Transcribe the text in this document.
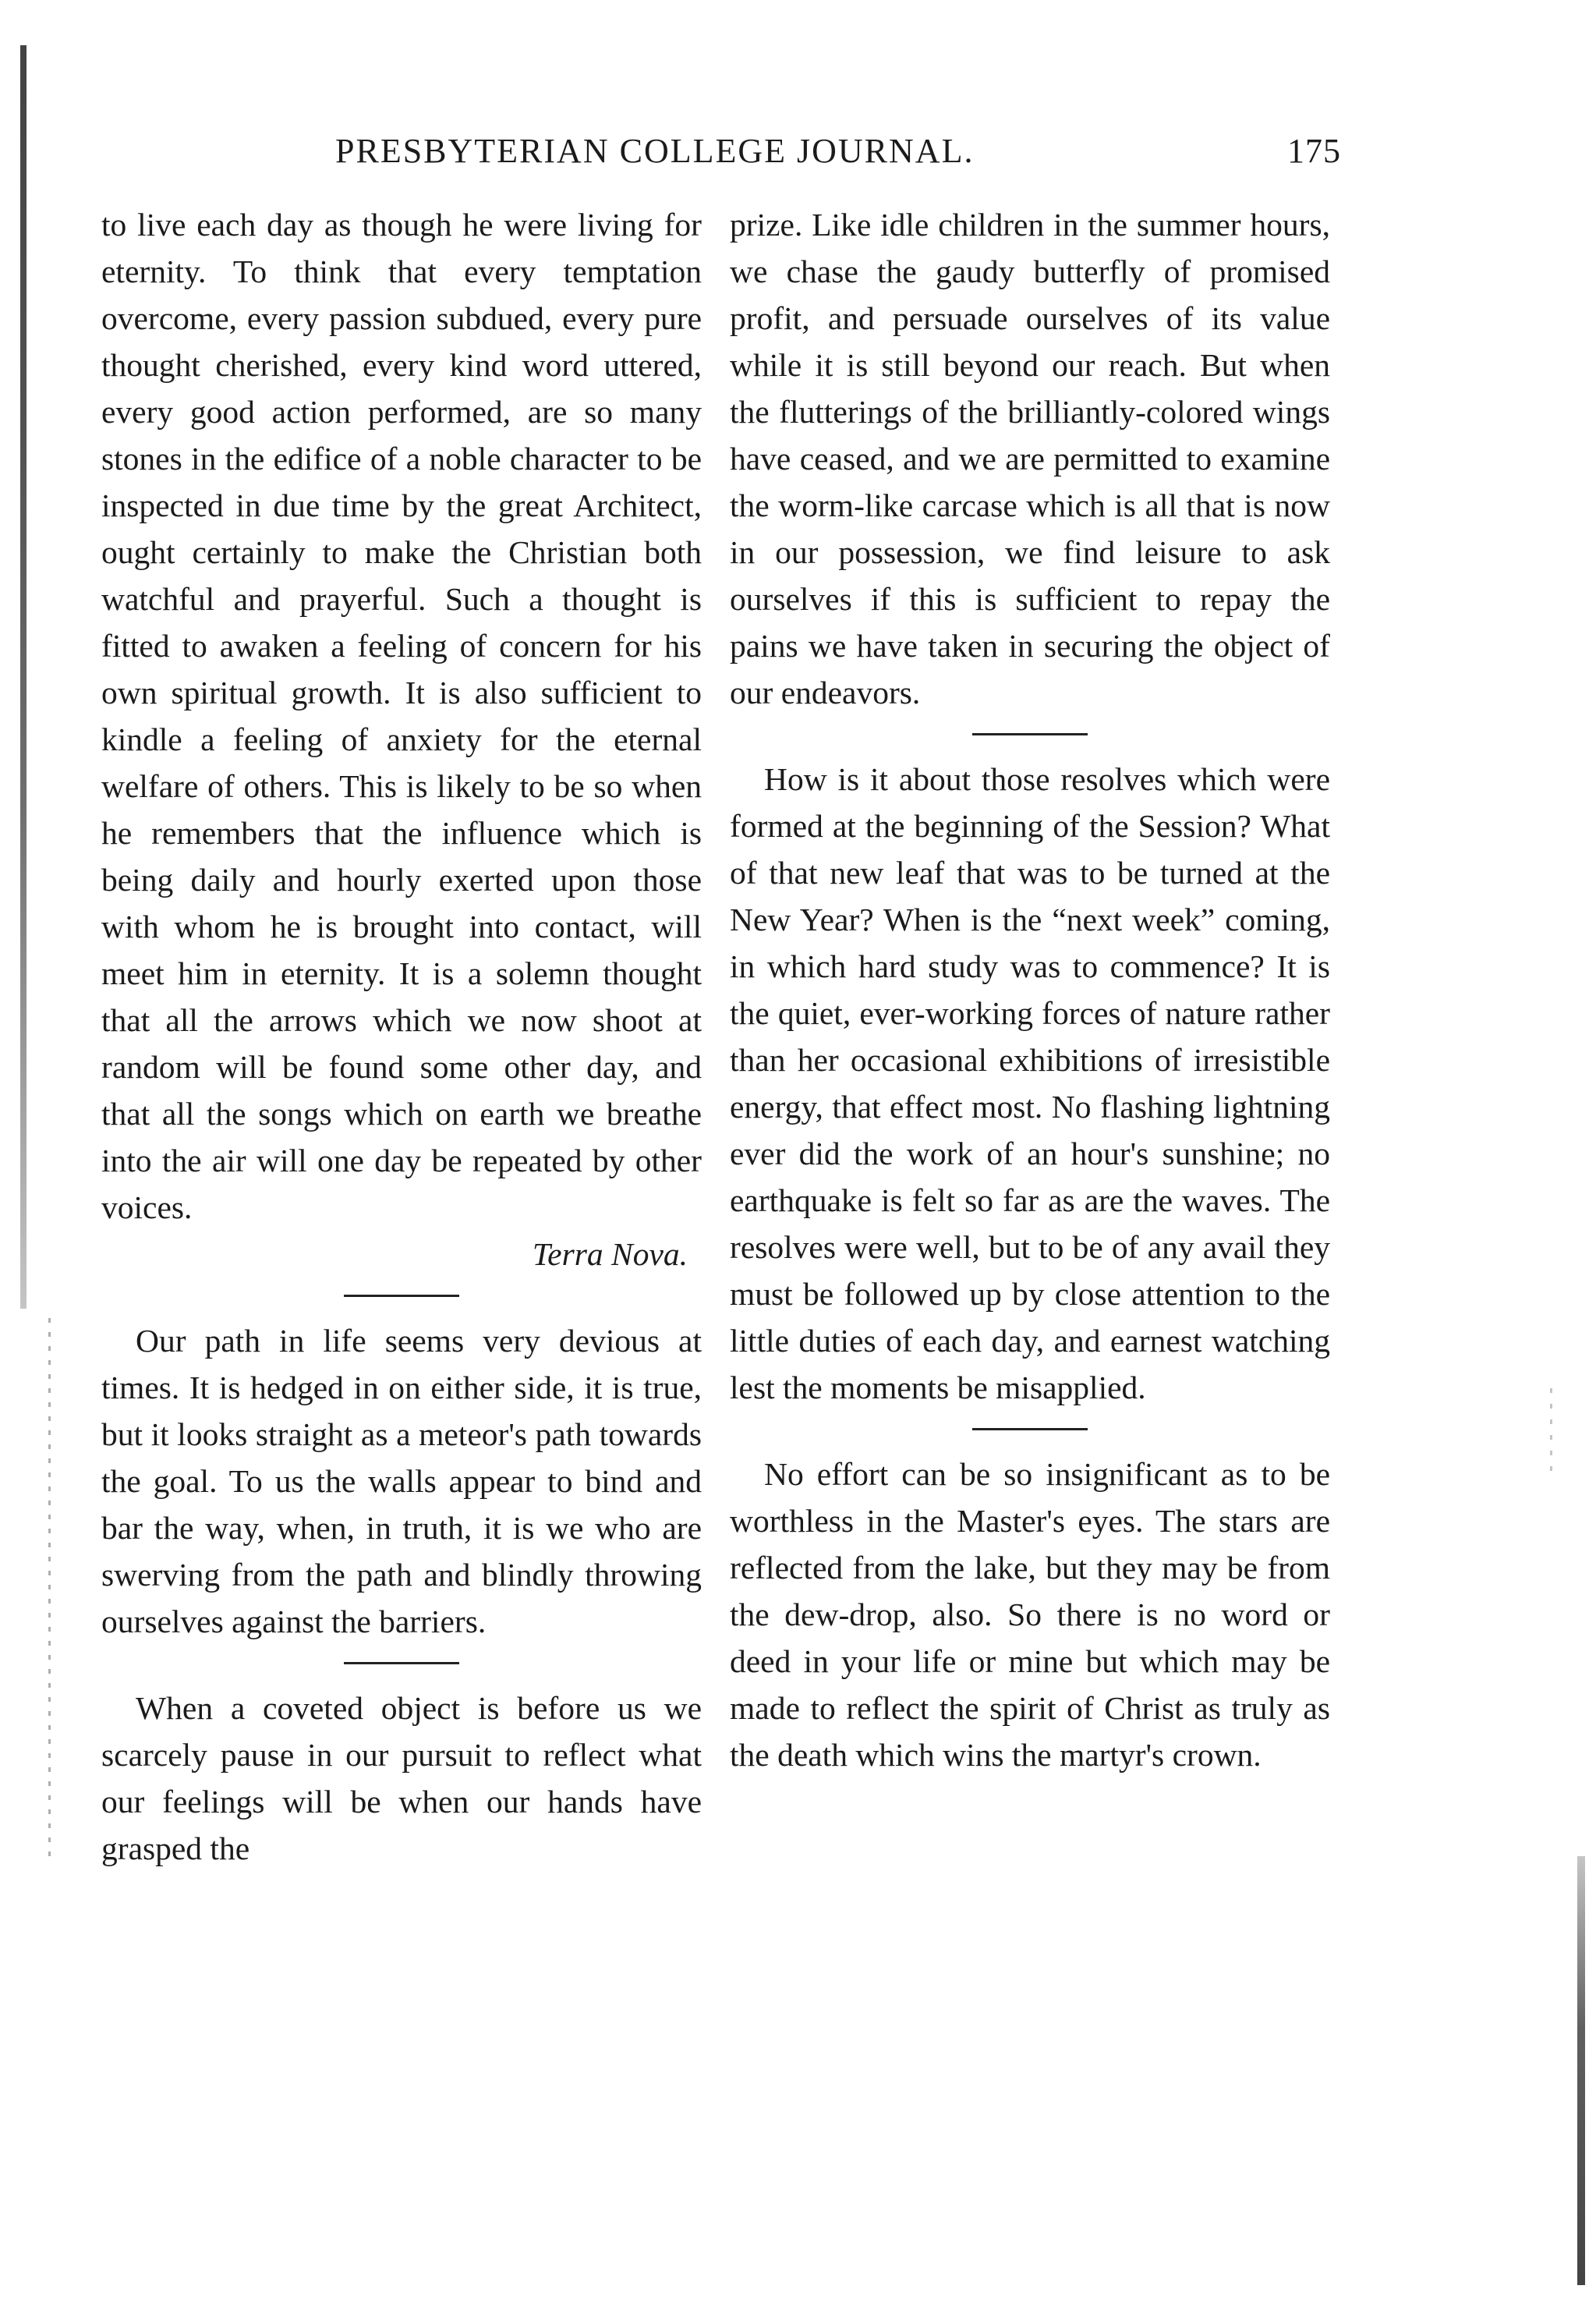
PRESBYTERIAN COLLEGE JOURNAL.	175

to live each day as though he were living for eternity. To think that every temptation overcome, every passion subdued, every pure thought cherished, every kind word uttered, every good action performed, are so many stones in the edifice of a noble character to be inspected in due time by the great Architect, ought certainly to make the Christian both watchful and prayerful. Such a thought is fitted to awaken a feeling of concern for his own spiritual growth. It is also sufficient to kindle a feeling of anxiety for the eternal welfare of others. This is likely to be so when he remembers that the influence which is being daily and hourly exerted upon those with whom he is brought into contact, will meet him in eternity. It is a solemn thought that all the arrows which we now shoot at random will be found some other day, and that all the songs which on earth we breathe into the air will one day be repeated by other voices.

Terra Nova.

Our path in life seems very devious at times. It is hedged in on either side, it is true, but it looks straight as a meteor's path towards the goal. To us the walls appear to bind and bar the way, when, in truth, it is we who are swerving from the path and blindly throwing ourselves against the barriers.

When a coveted object is before us we scarcely pause in our pursuit to reflect what our feelings will be when our hands have grasped the

prize. Like idle children in the summer hours, we chase the gaudy butterfly of promised profit, and persuade ourselves of its value while it is still beyond our reach. But when the flutterings of the brilliantly-colored wings have ceased, and we are permitted to examine the worm-like carcase which is all that is now in our possession, we find leisure to ask ourselves if this is sufficient to repay the pains we have taken in securing the object of our endeavors.

How is it about those resolves which were formed at the beginning of the Session? What of that new leaf that was to be turned at the New Year? When is the “next week” coming, in which hard study was to commence? It is the quiet, ever-working forces of nature rather than her occasional exhibitions of irresistible energy, that effect most. No flashing lightning ever did the work of an hour's sunshine; no earthquake is felt so far as are the waves. The resolves were well, but to be of any avail they must be followed up by close attention to the little duties of each day, and earnest watching lest the moments be misapplied.

No effort can be so insignificant as to be worthless in the Master's eyes. The stars are reflected from the lake, but they may be from the dew-drop, also. So there is no word or deed in your life or mine but which may be made to reflect the spirit of Christ as truly as the death which wins the martyr's crown.
